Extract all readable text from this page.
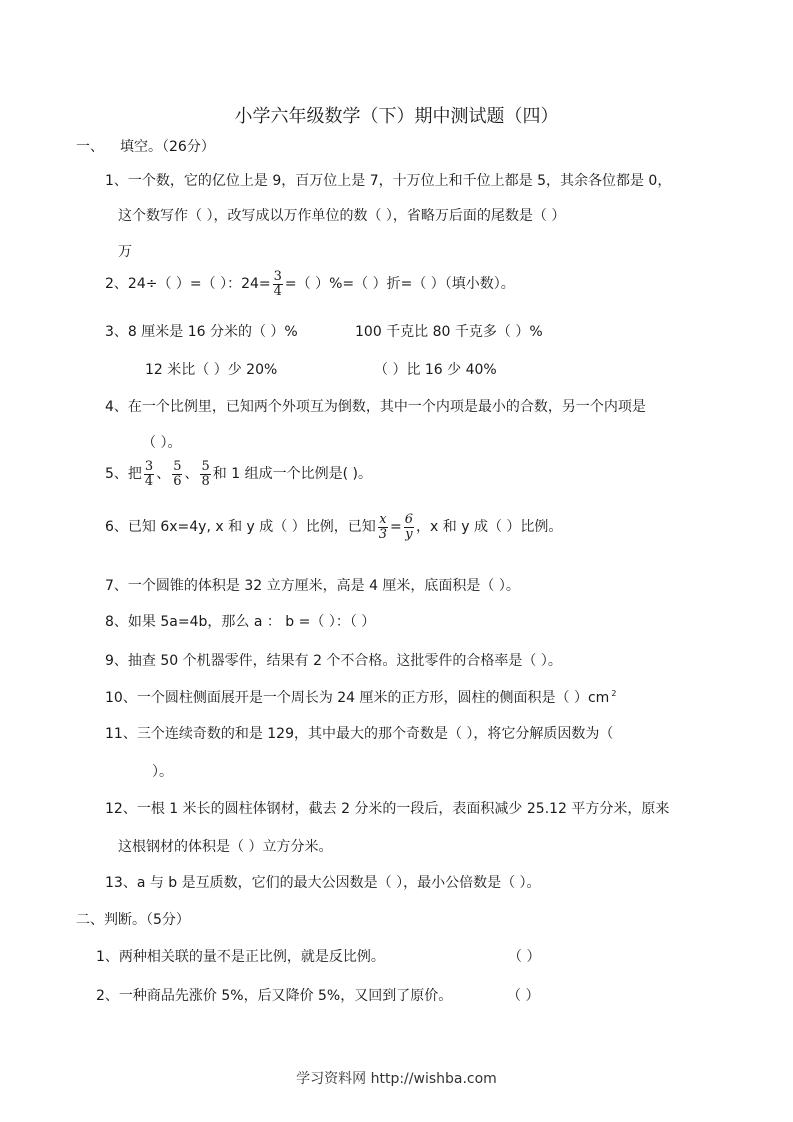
小学六年级数学（下）期中测试题（四）
一、 填空。（26分）
1、一个数，它的亿位上是 9，百万位上是 7，十万位上和千位上都是 5，其余各位都是 0，
这个数写作（ ），改写成以万作单位的数（ ），省略万后面的尾数是（ ）
万
2、24÷（ ）=（ ）：$24= \frac{3}{4}$ =（ ）%=（ ）折=（ ）（填小数）。
3、8 厘米是 16 分米的（ ）%	100 千克比 80 千克多（ ）%
12 米比（ ）少 20%	（ ）比 16 少 40%
4、在一个比例里，已知两个外项互为倒数，其中一个内项是最小的合数，另一个内项是
（ ）。
5、把 $\frac{3}{4}$ 、 $\frac{5}{6}$ 、 $\frac{5}{8}$ 和 1 组成一个比例是( )。
6、已知 6x=4y, x 和 y 成（ ）比例，已知 $\frac{x}{3} = \frac{6}{y}$ ，x 和 y 成（ ）比例。
7、一个圆锥的体积是 32 立方厘米，高是 4 厘米，底面积是（ ）。
8、如果 5a=4b，那么 a ： b =（ ）：（ ）
9、抽查 50 个机器零件，结果有 2 个不合格。这批零件的合格率是（ ）。
10、一个圆柱侧面展开是一个周长为 24 厘米的正方形，圆柱的侧面积是（ ）cm $^2$
11、三个连续奇数的和是 129，其中最大的那个奇数是（ ），将它分解质因数为（
）。
12、一根 1 米长的圆柱体钢材，截去 2 分米的一段后，表面积减少 25.12 平方分米，原来
这根钢材的体积是（ ）立方分米。
13、a 与 b 是互质数，它们的最大公因数是（ ），最小公倍数是（ ）。
二、判断。（5分）
1、两种相关联的量不是正比例，就是反比例。	（ ）
2、一种商品先涨价 5%，后又降价 5%，又回到了原价。	（ ）
学习资料网 http://wishba.com
